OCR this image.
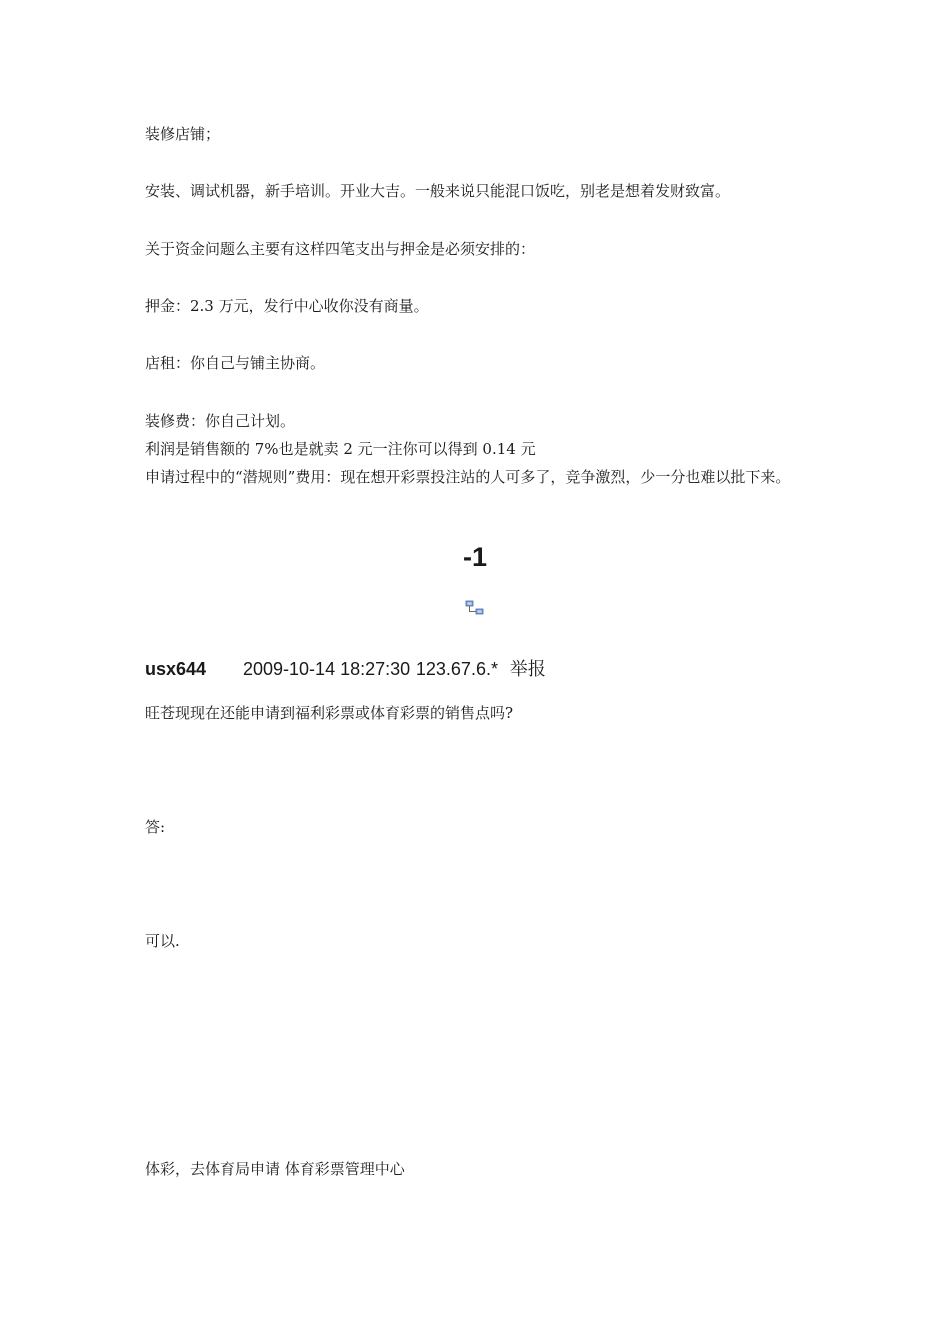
装修店铺；

安装、调试机器，新手培训。开业大吉。一般来说只能混口饭吃，别老是想着发财致富。

关于资金问题么主要有这样四笔支出与押金是必须安排的：

押金：2.3 万元，发行中心收你没有商量。

店租：你自己与铺主协商。

装修费：你自己计划。

利润是销售额的 7%也是就卖 2 元一注你可以得到 0.14 元

申请过程中的“潜规则”费用：现在想开彩票投注站的人可多了，竞争激烈，少一分也难以批下来。

-1
usx644 2009-10-14 18:27:30 123.67.6.* 举报

旺苍现现在还能申请到福利彩票或体育彩票的销售点吗?

答:

可以.

体彩，去体育局申请 体育彩票管理中心
